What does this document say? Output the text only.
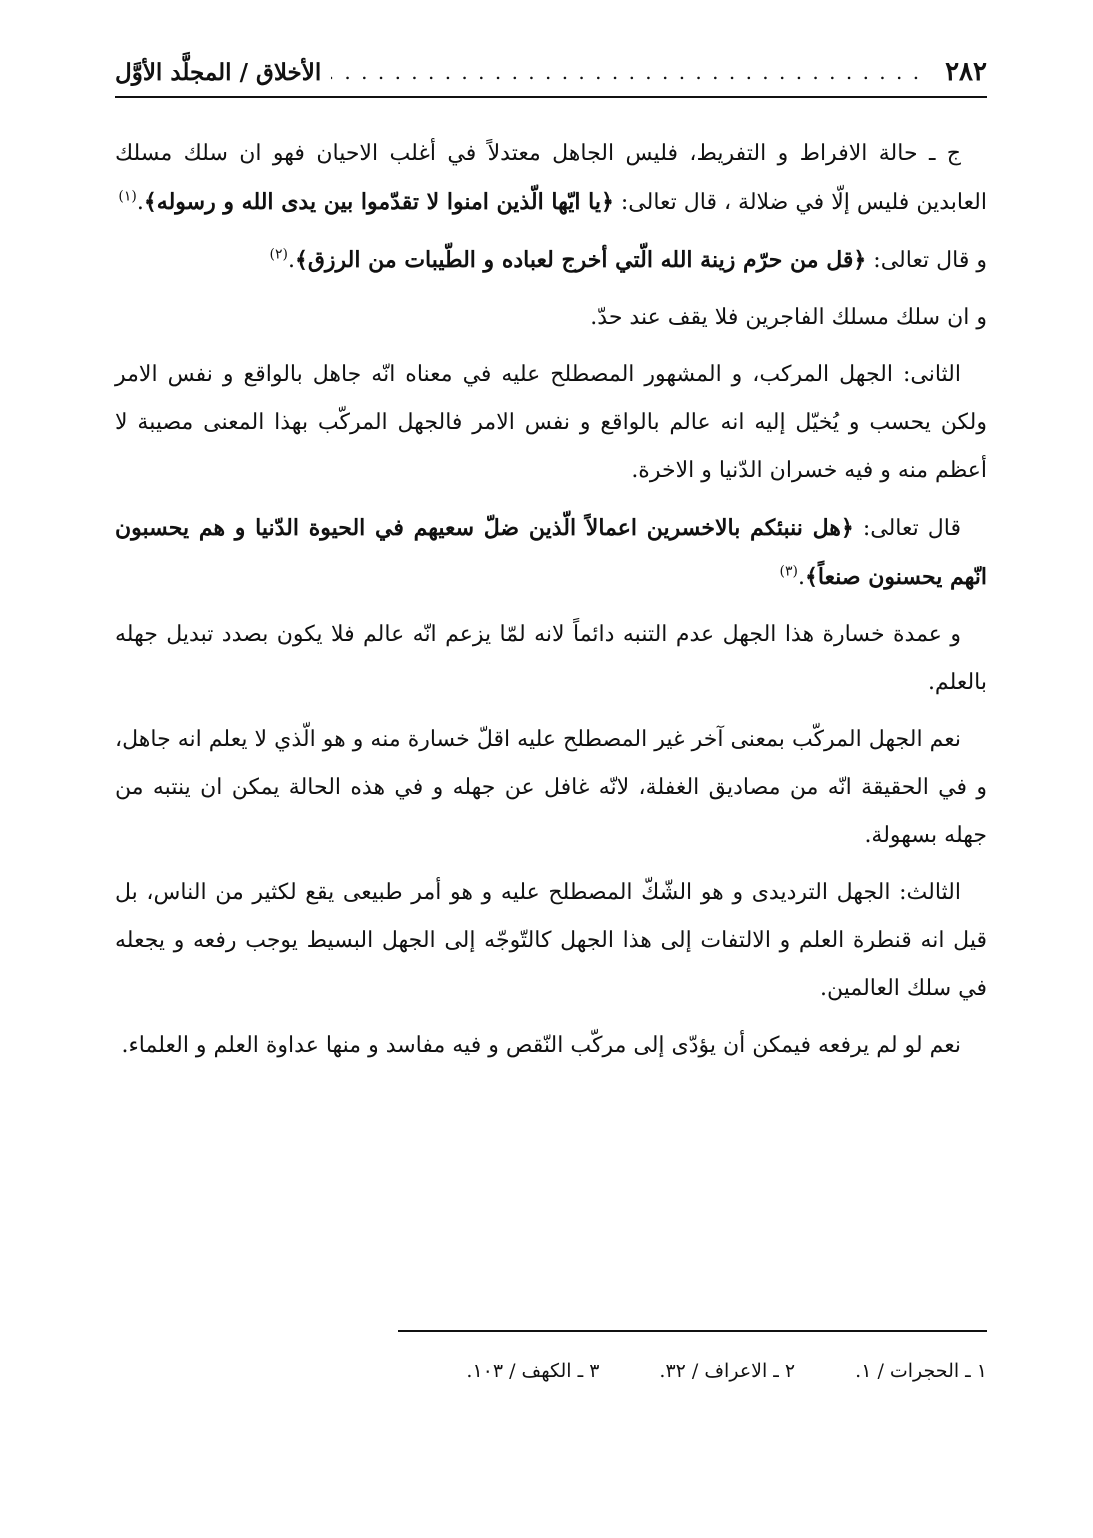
٢٨٢
. . .
الأخلاق / المجلَّد الأوَّل

ج ـ حالة الافراط و التفريط، فليس الجاهل معتدلاً في أغلب الاحيان فهو ان سلك مسلك العابدين فليس إلّا في ضلالة ، قال تعالى: ﴿يا ايّها الّذين امنوا لا تقدّموا بين يدى الله و رسوله﴾.$^{(١)}$

و قال تعالى: ﴿قل من حرّم زينة الله الّتي أخرج لعباده و الطّيبات من الرزق﴾.$^{(٢)}$

و ان سلك مسلك الفاجرين فلا يقف عند حدّ.

الثانى: الجهل المركب، و المشهور المصطلح عليه في معناه انّه جاهل بالواقع و نفس الامر ولكن يحسب و يُخيّل إليه انه عالم بالواقع و نفس الامر فالجهل المركّب بهذا المعنى مصيبة لا أعظم منه و فيه خسران الدّنيا و الاخرة.

قال تعالى: ﴿هل ننبئكم بالاخسرين اعمالاً الّذين ضلّ سعيهم في الحيوة الدّنيا و هم يحسبون انّهم يحسنون صنعاً﴾.$^{(٣)}$

و عمدة خسارة هذا الجهل عدم التنبه دائماً لانه لمّا يزعم انّه عالم فلا يكون بصدد تبديل جهله بالعلم.

نعم الجهل المركّب بمعنى آخر غير المصطلح عليه اقلّ خسارة منه و هو الّذي لا يعلم انه جاهل، و في الحقيقة انّه من مصاديق الغفلة، لانّه غافل عن جهله و في هذه الحالة يمكن ان ينتبه من جهله بسهولة.

الثالث: الجهل الترديدى و هو الشّكّ المصطلح عليه و هو أمر طبيعى يقع لكثير من الناس، بل قيل انه قنطرة العلم و الالتفات إلى هذا الجهل كالتّوجّه إلى الجهل البسيط يوجب رفعه و يجعله في سلك العالمين.

نعم لو لم يرفعه فيمكن أن يؤدّى إلى مركّب النّقص و فيه مفاسد و منها عداوة العلم و العلماء.

١ ـ الحجرات / ١.
٢ ـ الاعراف / ٣٢.
٣ ـ الكهف / ١٠٣.
